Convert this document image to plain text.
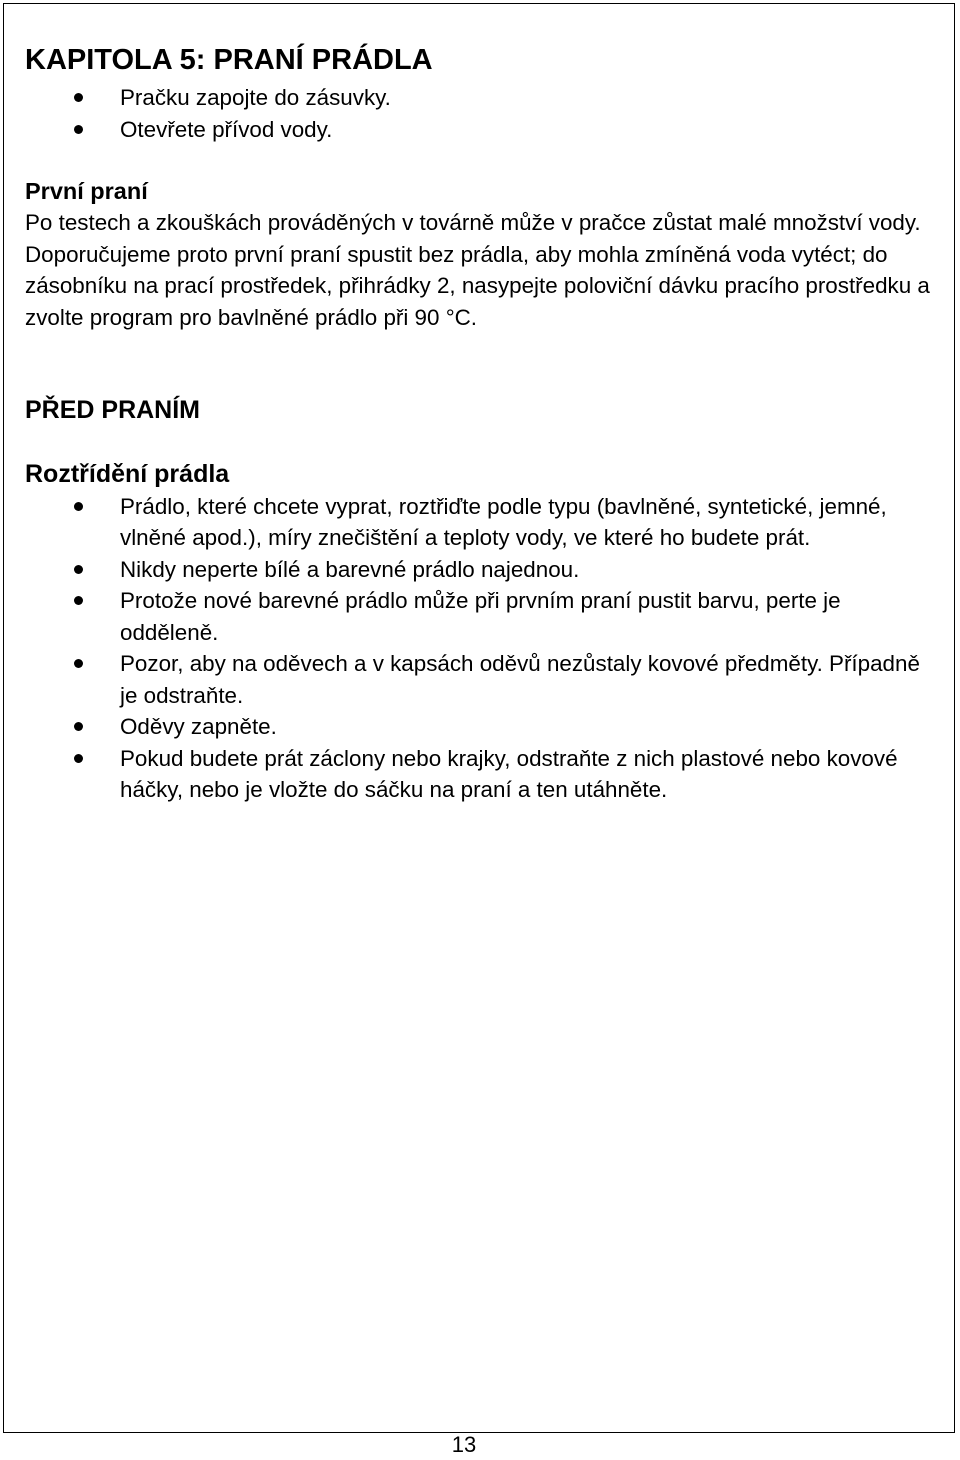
KAPITOLA 5: PRANÍ PRÁDLA
Pračku zapojte do zásuvky.
Otevřete přívod vody.
První praní

Po testech a zkouškách prováděných v továrně může v pračce zůstat malé množství vody. Doporučujeme proto první praní spustit bez prádla, aby mohla zmíněná voda vytéct; do zásobníku na prací prostředek, přihrádky 2, nasypejte poloviční dávku pracího prostředku a zvolte program pro bavlněné prádlo při 90 °C.

PŘED PRANÍM
Roztřídění prádla
Prádlo, které chcete vyprat, roztřiďte podle typu (bavlněné, syntetické, jemné, vlněné apod.), míry znečištění a teploty vody, ve které ho budete prát.
Nikdy neperte bílé a barevné prádlo najednou.
Protože nové barevné prádlo může při prvním praní pustit barvu, perte je odděleně.
Pozor, aby na oděvech a v kapsách oděvů nezůstaly kovové předměty. Případně je odstraňte.
Oděvy zapněte.
Pokud budete prát záclony nebo krajky, odstraňte z nich plastové nebo kovové háčky, nebo je vložte do sáčku na praní a ten utáhněte.
13
